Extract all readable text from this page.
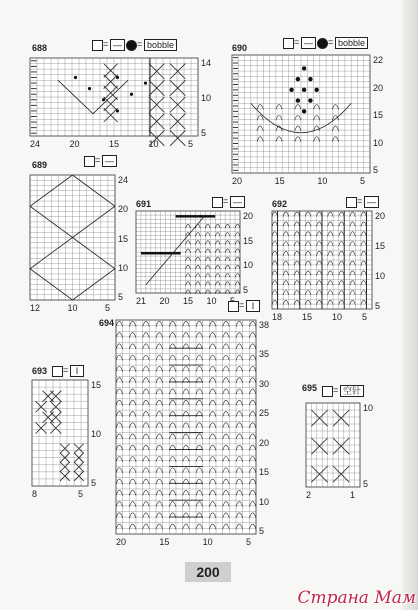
688	690
689
691	692
694
693
695
= —	= bobble
14
10
5
24	20	15	10	5
= —	= bobble
22
20
15
10
5
20	15	10	5
= —
24
20
15
10
5
12	10	5
= —
20
15
10
5
21 20 15 10
= —
20
15
10
5
18 15 10 5
= I
38
35
30
25
20
15
10
5
20	15	10	5
= I
15
10
5
8	5
= 空针
10
5
2	1
200
Страна Мам
